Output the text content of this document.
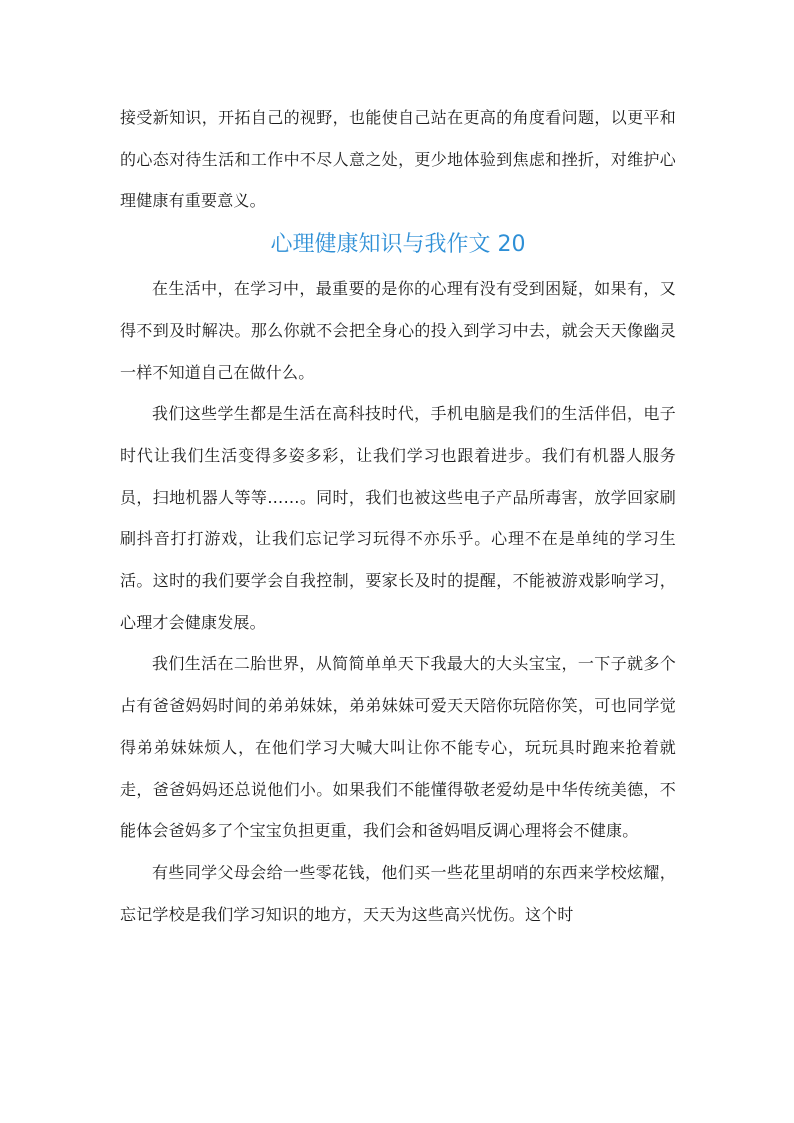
接受新知识，开拓自己的视野，也能使自己站在更高的角度看问题，以更平和的心态对待生活和工作中不尽人意之处，更少地体验到焦虑和挫折，对维护心理健康有重要意义。

心理健康知识与我作文 20

在生活中，在学习中，最重要的是你的心理有没有受到困疑，如果有，又得不到及时解决。那么你就不会把全身心的投入到学习中去，就会天天像幽灵一样不知道自己在做什么。

我们这些学生都是生活在高科技时代，手机电脑是我们的生活伴侣，电子时代让我们生活变得多姿多彩，让我们学习也跟着进步。我们有机器人服务员，扫地机器人等等……。同时，我们也被这些电子产品所毒害，放学回家刷刷抖音打打游戏，让我们忘记学习玩得不亦乐乎。心理不在是单纯的学习生活。这时的我们要学会自我控制，要家长及时的提醒，不能被游戏影响学习，心理才会健康发展。

我们生活在二胎世界，从简简单单天下我最大的大头宝宝，一下子就多个占有爸爸妈妈时间的弟弟妹妹，弟弟妹妹可爱天天陪你玩陪你笑，可也同学觉得弟弟妹妹烦人，在他们学习大喊大叫让你不能专心，玩玩具时跑来抢着就走，爸爸妈妈还总说他们小。如果我们不能懂得敬老爱幼是中华传统美德，不能体会爸妈多了个宝宝负担更重，我们会和爸妈唱反调心理将会不健康。

有些同学父母会给一些零花钱，他们买一些花里胡哨的东西来学校炫耀，忘记学校是我们学习知识的地方，天天为这些高兴忧伤。这个时
